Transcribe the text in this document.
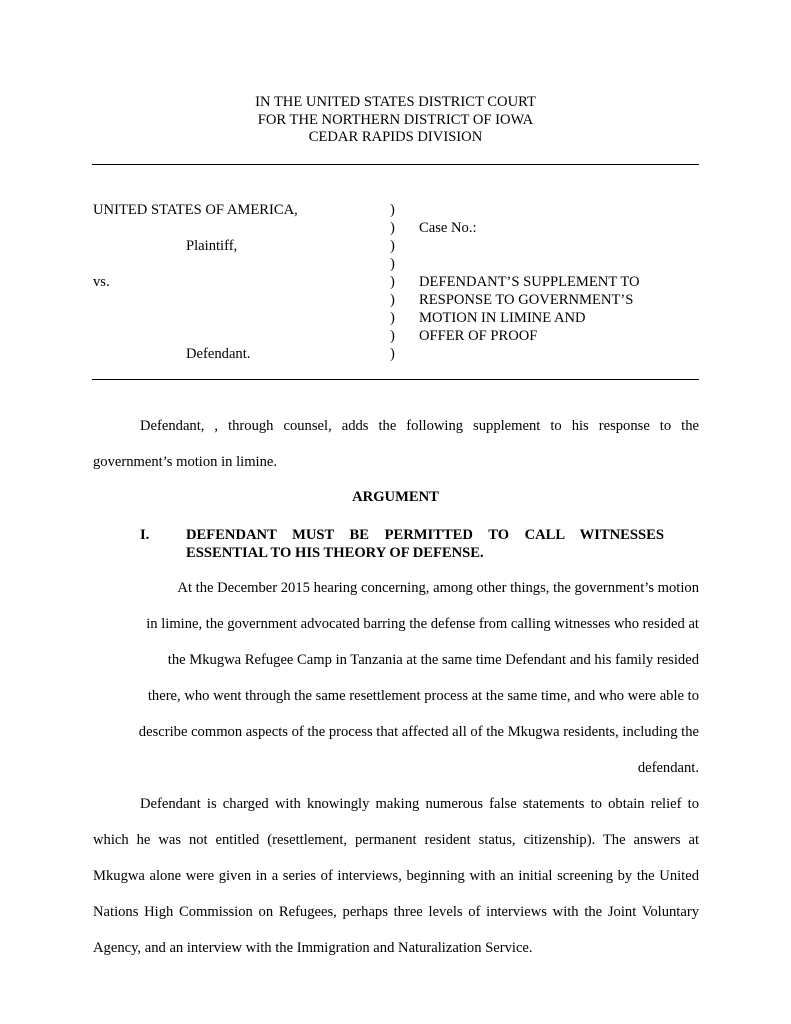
IN THE UNITED STATES DISTRICT COURT
FOR THE NORTHERN DISTRICT OF IOWA
CEDAR RAPIDS DIVISION
UNITED STATES OF AMERICA,
Plaintiff,
vs.
Defendant.
)
)
)
)
)
)
)
)
)
Case No.:
DEFENDANT’S SUPPLEMENT TO
RESPONSE TO GOVERNMENT’S
MOTION IN LIMINE AND
OFFER OF PROOF
Defendant, , through counsel, adds the following supplement to his response to the government’s motion in limine.
ARGUMENT
I.	DEFENDANT MUST BE PERMITTED TO CALL WITNESSES ESSENTIAL TO HIS THEORY OF DEFENSE.
At the December 2015 hearing concerning, among other things, the government’s motion
in limine, the government advocated barring the defense from calling witnesses who resided at
the Mkugwa Refugee Camp in Tanzania at the same time Defendant and his family resided
there, who went through the same resettlement process at the same time, and who were able to
describe common aspects of the process that affected all of the Mkugwa residents, including the
defendant.
Defendant is charged with knowingly making numerous false statements to obtain relief to which he was not entitled (resettlement, permanent resident status, citizenship). The answers at Mkugwa alone were given in a series of interviews, beginning with an initial screening by the United Nations High Commission on Refugees, perhaps three levels of interviews with the Joint Voluntary Agency, and an interview with the Immigration and Naturalization Service.
